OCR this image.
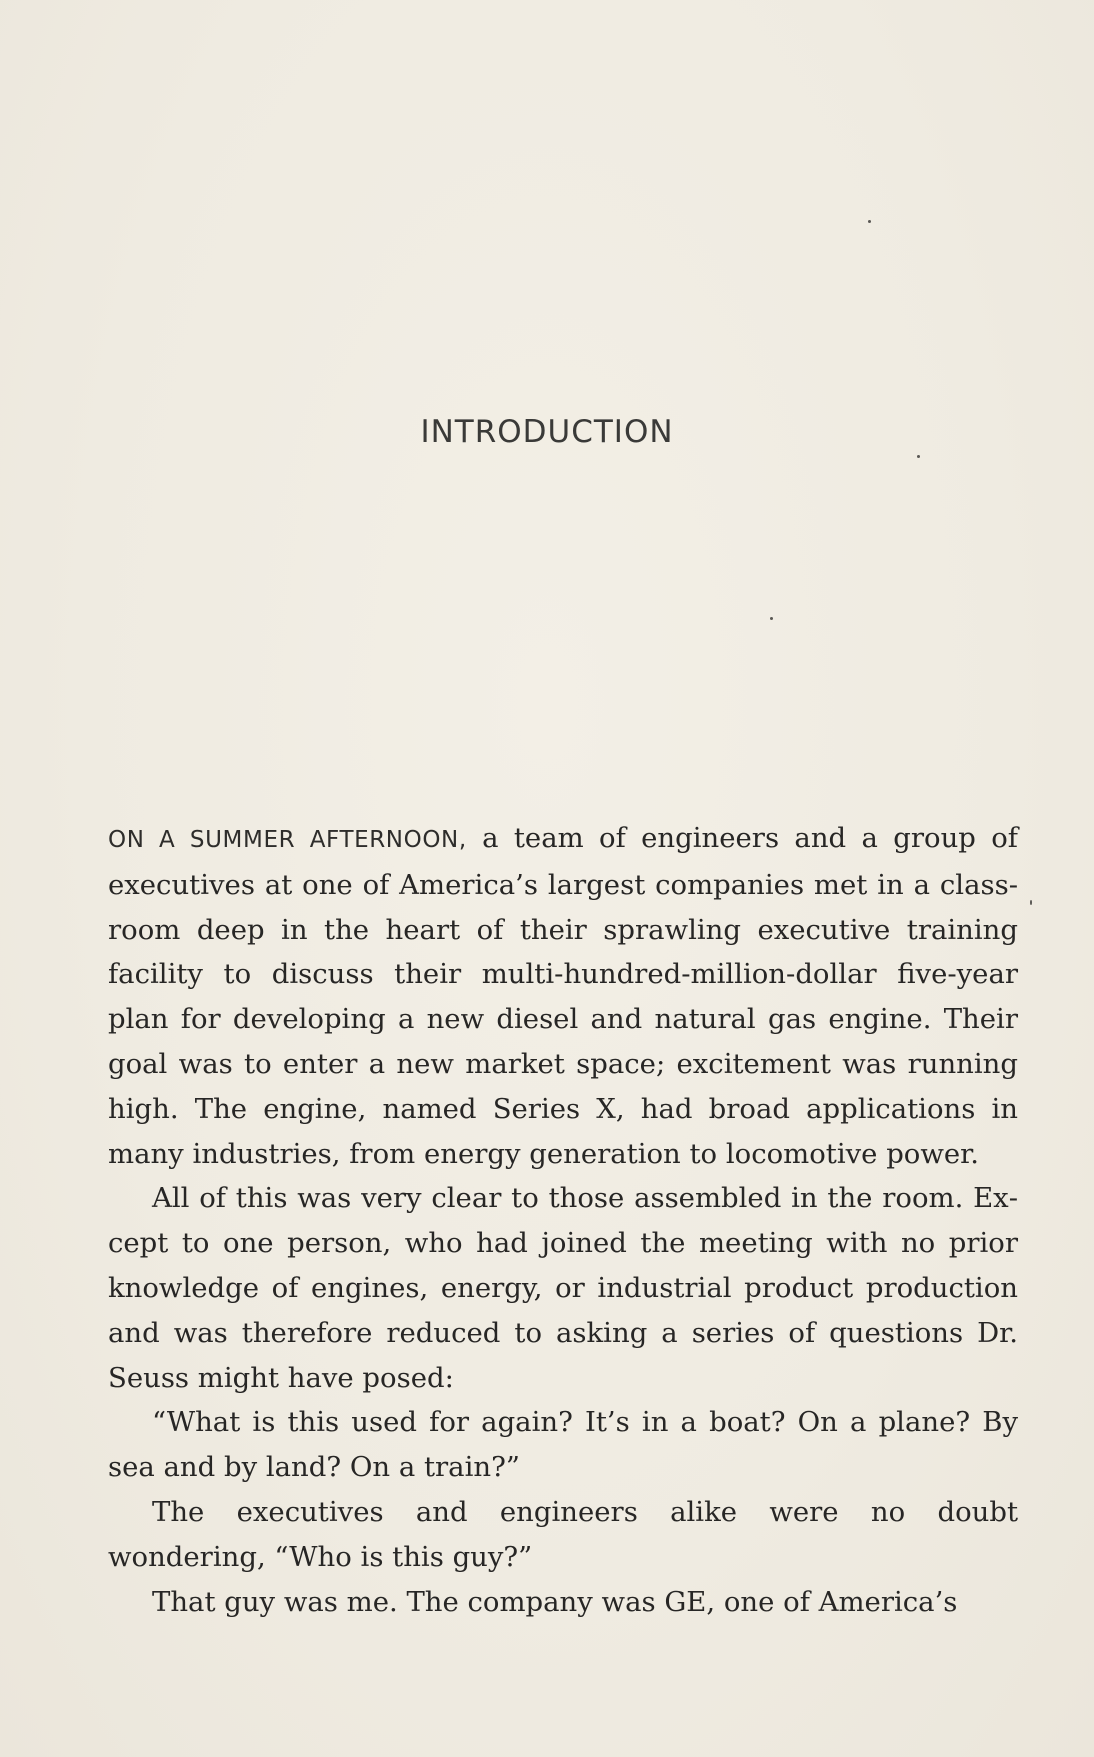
INTRODUCTION

ON A SUMMER AFTERNOON, a team of engineers and a group of executives at one of America’s largest companies met in a classroom deep in the heart of their sprawling executive training facility to discuss their multi-hundred-million-dollar five-year plan for developing a new diesel and natural gas engine. Their goal was to enter a new market space; excitement was running high. The engine, named Series X, had broad applications in many industries, from energy generation to locomotive power.

All of this was very clear to those assembled in the room. Except to one person, who had joined the meeting with no prior knowledge of engines, energy, or industrial product production and was therefore reduced to asking a series of questions Dr. Seuss might have posed:

“What is this used for again? It’s in a boat? On a plane? By sea and by land? On a train?”

The executives and engineers alike were no doubt wondering, “Who is this guy?”

That guy was me. The company was GE, one of America’s
